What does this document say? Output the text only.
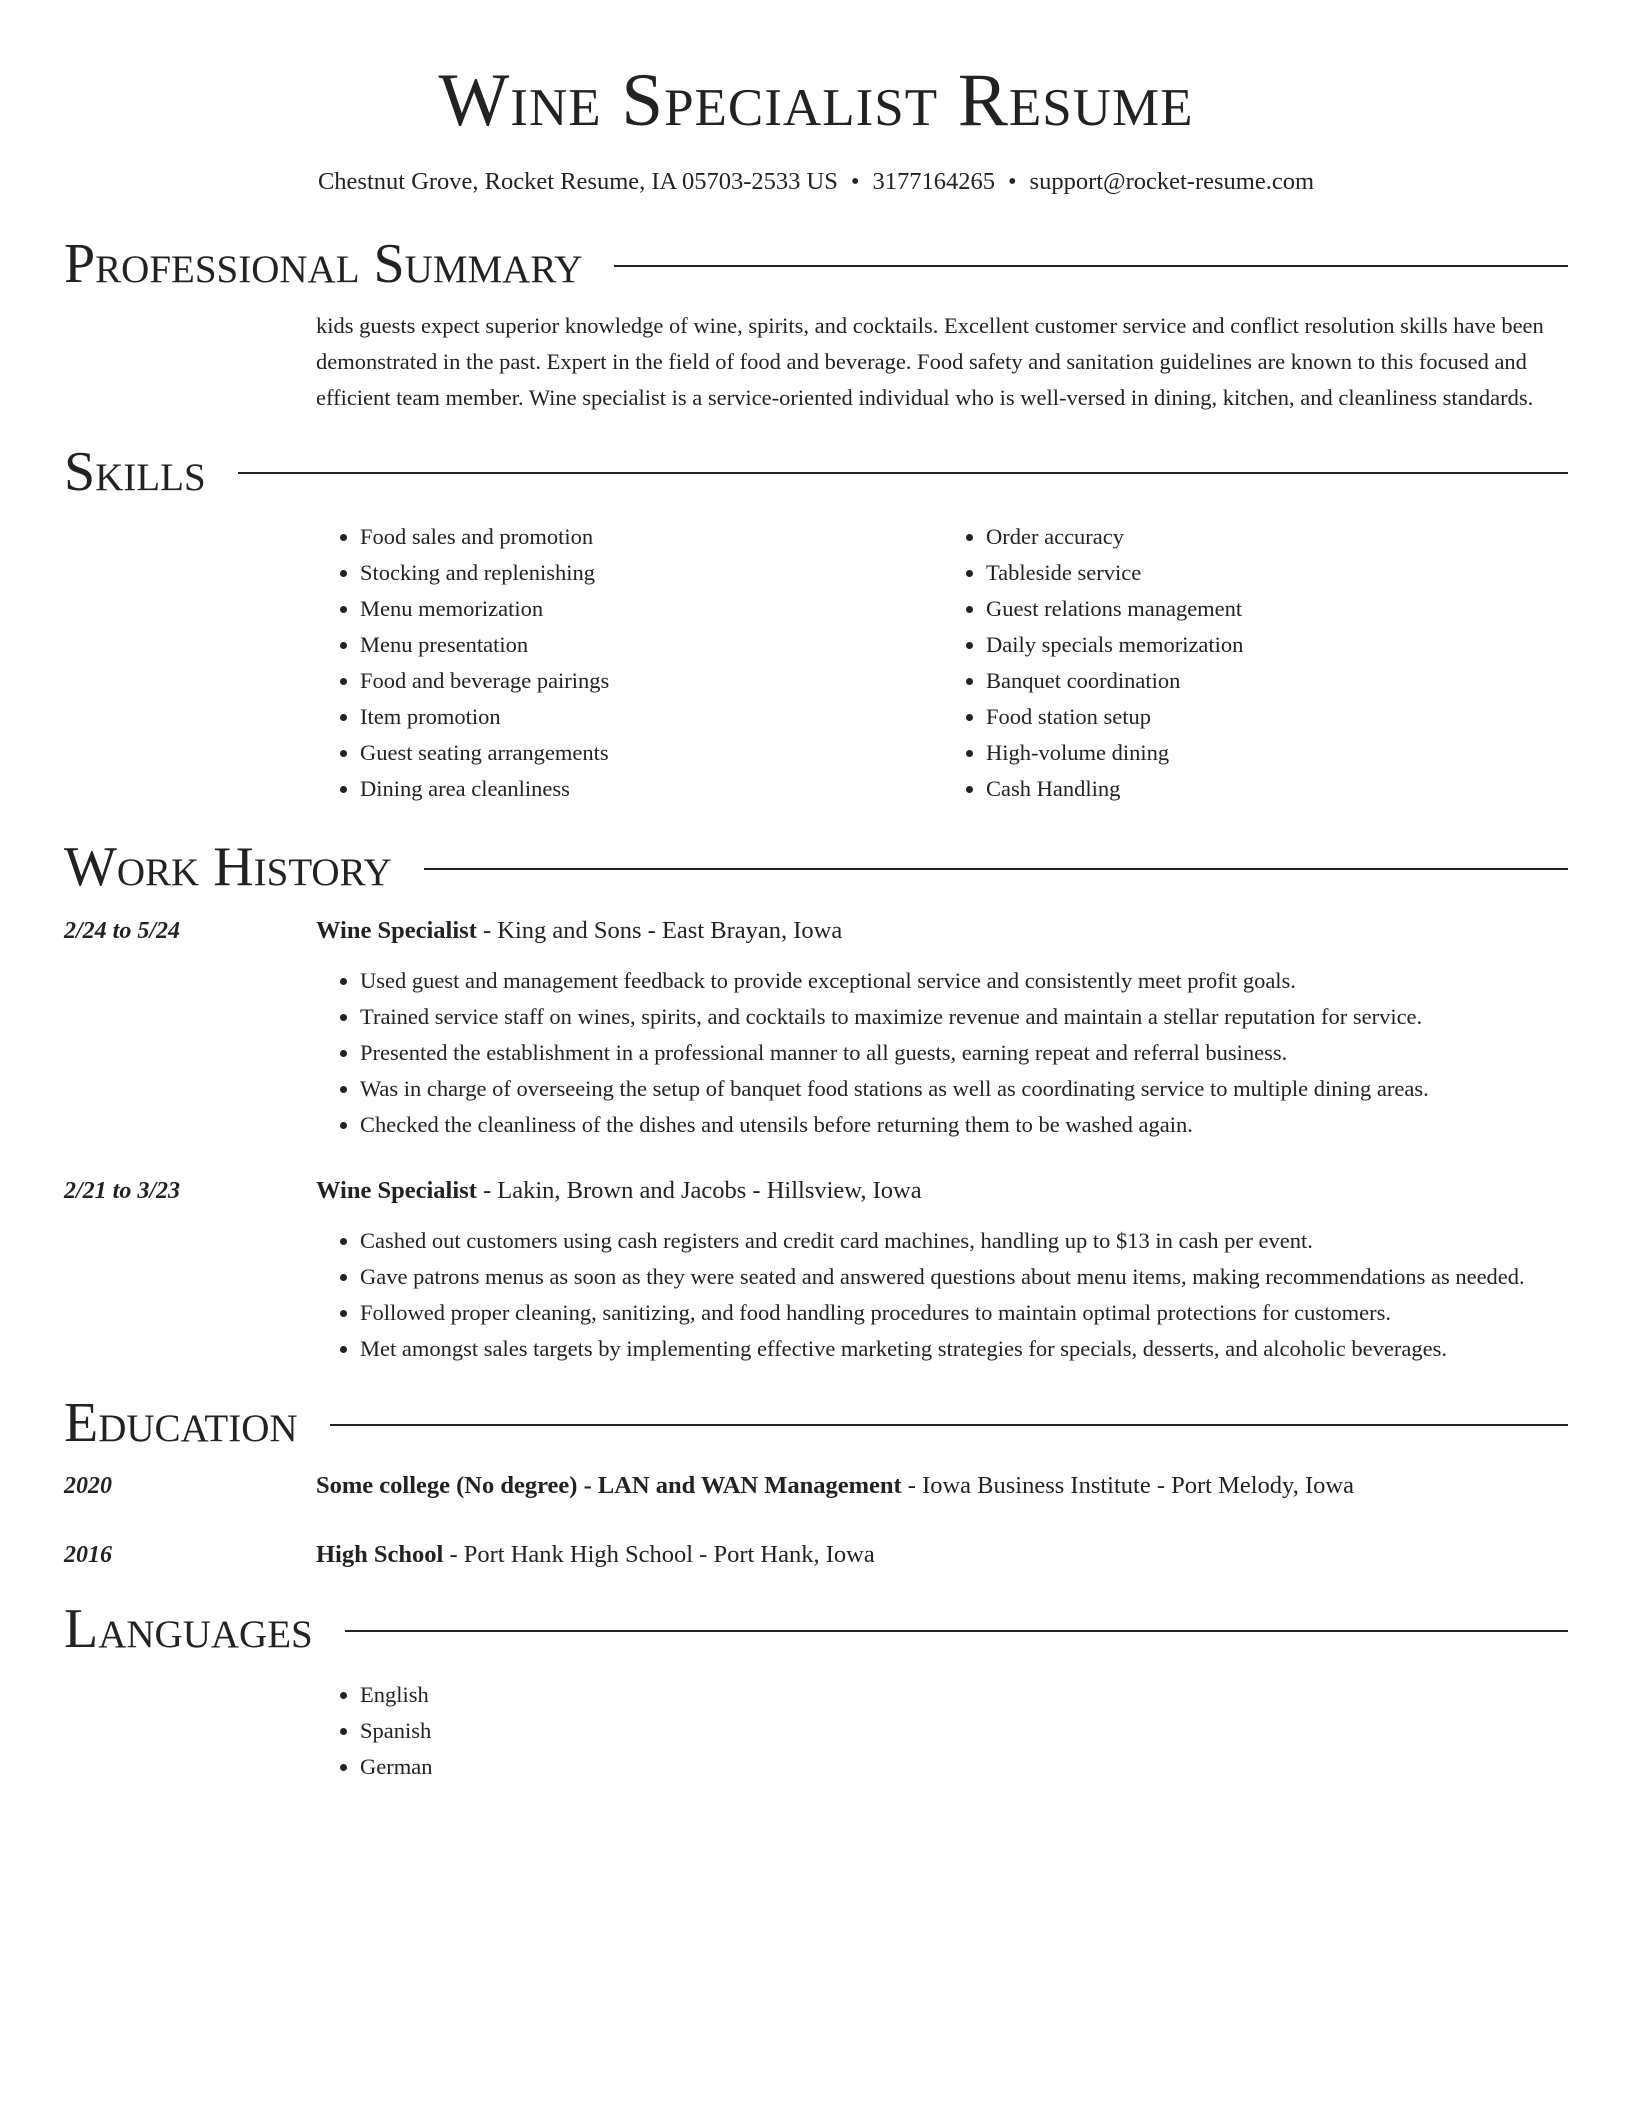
Wine Specialist Resume
Chestnut Grove, Rocket Resume, IA 05703-2533 US • 3177164265 • support@rocket-resume.com
Professional Summary
kids guests expect superior knowledge of wine, spirits, and cocktails. Excellent customer service and conflict resolution skills have been demonstrated in the past. Expert in the field of food and beverage. Food safety and sanitation guidelines are known to this focused and efficient team member. Wine specialist is a service-oriented individual who is well-versed in dining, kitchen, and cleanliness standards.
Skills
• Food sales and promotion
• Stocking and replenishing
• Menu memorization
• Menu presentation
• Food and beverage pairings
• Item promotion
• Guest seating arrangements
• Dining area cleanliness
• Order accuracy
• Tableside service
• Guest relations management
• Daily specials memorization
• Banquet coordination
• Food station setup
• High-volume dining
• Cash Handling
Work History
2/24 to 5/24	Wine Specialist - King and Sons - East Brayan, Iowa
• Used guest and management feedback to provide exceptional service and consistently meet profit goals.
• Trained service staff on wines, spirits, and cocktails to maximize revenue and maintain a stellar reputation for service.
• Presented the establishment in a professional manner to all guests, earning repeat and referral business.
• Was in charge of overseeing the setup of banquet food stations as well as coordinating service to multiple dining areas.
• Checked the cleanliness of the dishes and utensils before returning them to be washed again.
2/21 to 3/23	Wine Specialist - Lakin, Brown and Jacobs - Hillsview, Iowa
• Cashed out customers using cash registers and credit card machines, handling up to $13 in cash per event.
• Gave patrons menus as soon as they were seated and answered questions about menu items, making recommendations as needed.
• Followed proper cleaning, sanitizing, and food handling procedures to maintain optimal protections for customers.
• Met amongst sales targets by implementing effective marketing strategies for specials, desserts, and alcoholic beverages.
Education
2020	Some college (No degree) - LAN and WAN Management - Iowa Business Institute - Port Melody, Iowa
2016	High School - Port Hank High School - Port Hank, Iowa
Languages
• English
• Spanish
• German
